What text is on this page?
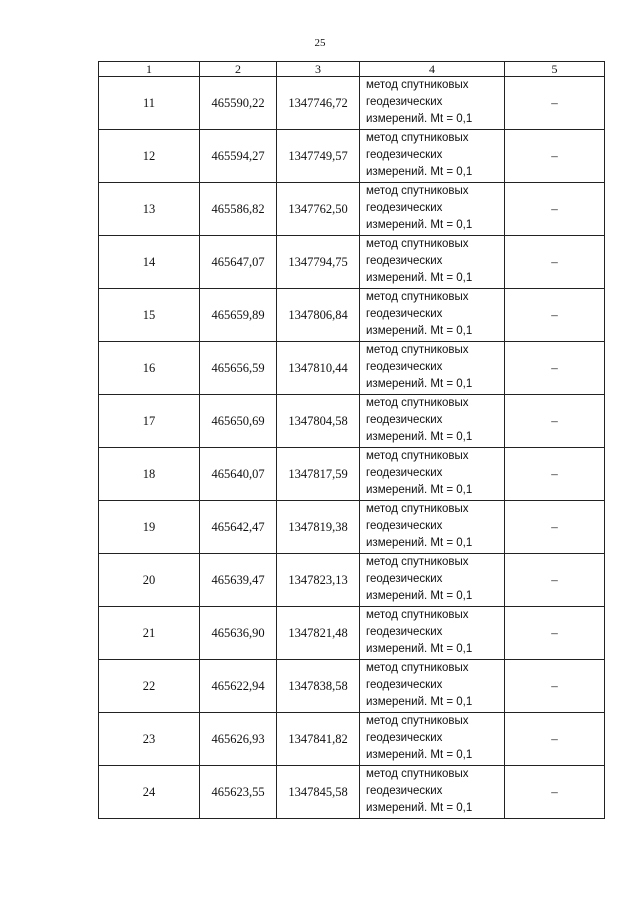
25
1	2	3	4	5
11	465590,22	1347746,72	метод спутниковых
геодезических
измерений. Mt = 0,1	–
12	465594,27	1347749,57	метод спутниковых
геодезических
измерений. Mt = 0,1	–
13	465586,82	1347762,50	метод спутниковых
геодезических
измерений. Mt = 0,1	–
14	465647,07	1347794,75	метод спутниковых
геодезических
измерений. Mt = 0,1	–
15	465659,89	1347806,84	метод спутниковых
геодезических
измерений. Mt = 0,1	–
16	465656,59	1347810,44	метод спутниковых
геодезических
измерений. Mt = 0,1	–
17	465650,69	1347804,58	метод спутниковых
геодезических
измерений. Mt = 0,1	–
18	465640,07	1347817,59	метод спутниковых
геодезических
измерений. Mt = 0,1	–
19	465642,47	1347819,38	метод спутниковых
геодезических
измерений. Mt = 0,1	–
20	465639,47	1347823,13	метод спутниковых
геодезических
измерений. Mt = 0,1	–
21	465636,90	1347821,48	метод спутниковых
геодезических
измерений. Mt = 0,1	–
22	465622,94	1347838,58	метод спутниковых
геодезических
измерений. Mt = 0,1	–
23	465626,93	1347841,82	метод спутниковых
геодезических
измерений. Mt = 0,1	–
24	465623,55	1347845,58	метод спутниковых
геодезических
измерений. Mt = 0,1	–
